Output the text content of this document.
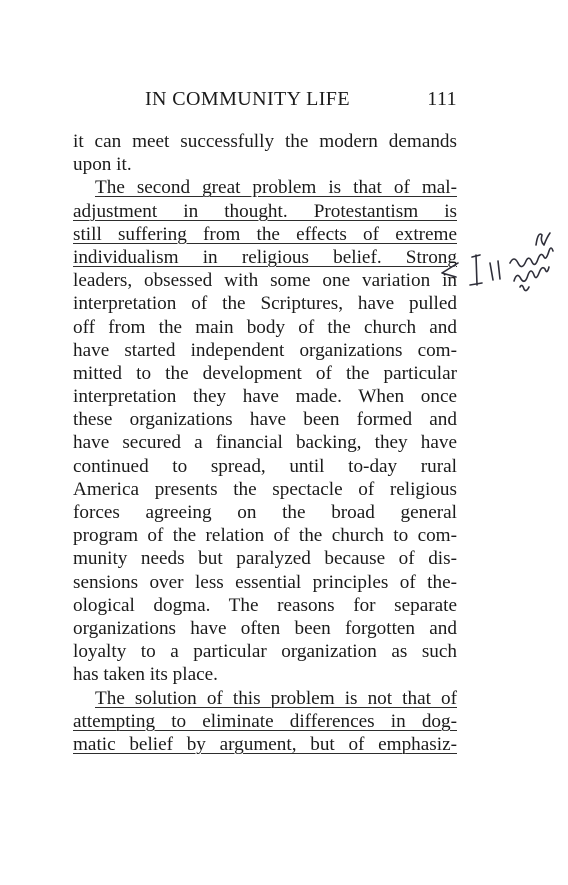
IN COMMUNITY LIFE	111
it can meet successfully the modern demands
upon it.
The second great problem is that of mal-
adjustment in thought. Protestantism is
still suffering from the effects of extreme
individualism in religious belief. Strong
leaders, obsessed with some one variation in
interpretation of the Scriptures, have pulled
off from the main body of the church and
have started independent organizations com-
mitted to the development of the particular
interpretation they have made. When once
these organizations have been formed and
have secured a financial backing, they have
continued to spread, until to-day rural
America presents the spectacle of religious
forces agreeing on the broad general
program of the relation of the church to com-
munity needs but paralyzed because of dis-
sensions over less essential principles of the-
ological dogma. The reasons for separate
organizations have often been forgotten and
loyalty to a particular organization as such
has taken its place.
The solution of this problem is not that of
attempting to eliminate differences in dog-
matic belief by argument, but of emphasiz-
